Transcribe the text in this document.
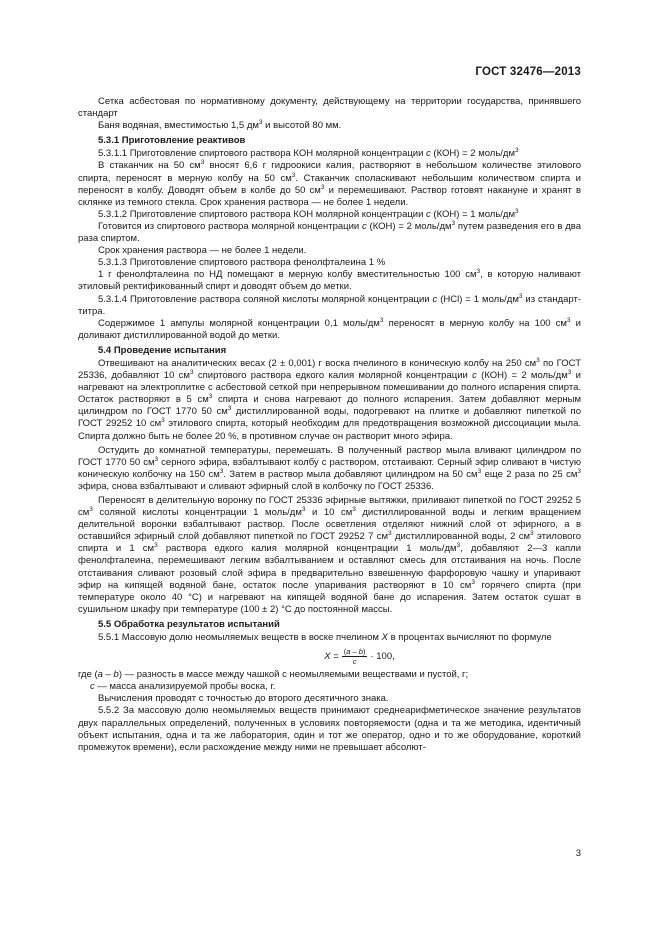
ГОСТ 32476—2013

Сетка асбестовая по нормативному документу, действующему на территории государства, принявшего стандарт

Баня водяная, вместимостью 1,5 $дм^3$ и высотой 80 мм.

5.3.1 Приготовление реактивов

5.3.1.1 Приготовление спиртового раствора КОН молярной концентрации с (КОН) = 2 моль/$дм^3$

В стаканчик на 50 $см^3$ вносят 6,6 г гидроокиси калия, растворяют в небольшом количестве этилового спирта, переносят в мерную колбу на 50 $см^3$. Стаканчик споласкивают небольшим количеством спирта и переносят в колбу. Доводят объем в колбе до 50 $см^3$ и перемешивают. Раствор готовят накануне и хранят в склянке из темного стекла. Срок хранения раствора — не более 1 недели.

5.3.1.2 Приготовление спиртового раствора КОН молярной концентрации с (КОН) = 1 моль/$дм^3$

Готовится из спиртового раствора молярной концентрации с (КОН) = 2 моль/$дм^3$ путем разведения его в два раза спиртом.

Срок хранения раствора — не более 1 недели.

5.3.1.3 Приготовление спиртового раствора фенолфталеина 1 %

1 г фенолфталеина по НД помещают в мерную колбу вместительностью 100 $см^3$, в которую наливают этиловый ректификованный спирт и доводят объем до метки.

5.3.1.4 Приготовление раствора соляной кислоты молярной концентрации с (HCl) = 1 моль/$дм^3$ из стандарт-титра.

Содержимое 1 ампулы молярной концентрации 0,1 моль/$дм^3$ переносят в мерную колбу на 100 $см^3$ и доливают дистиллированной водой до метки.

5.4 Проведение испытания

Отвешивают на аналитических весах (2 ± 0,001) г воска пчелиного в коническую колбу на 250 $см^3$ по ГОСТ 25336, добавляют 10 $см^3$ спиртового раствора едкого калия молярной концентрации с (КОН) = 2 моль/$дм^3$ и нагревают на электроплитке с асбестовой сеткой при непрерывном помешивании до полного испарения спирта. Остаток растворяют в 5 $см^3$ спирта и снова нагревают до полного испарения. Затем добавляют мерным цилиндром по ГОСТ 1770 50 $см^3$ дистиллированной воды, подогревают на плитке и добавляют пипеткой по ГОСТ 29252 10 $см^3$ этилового спирта, который необходим для предотвращения возможной диссоциации мыла. Спирта должно быть не более 20 %, в противном случае он растворит много эфира.

Остудить до комнатной температуры, перемешать. В полученный раствор мыла вливают цилиндром по ГОСТ 1770 50 $см^3$ серного эфира, взбалтывают колбу с раствором, отстаивают. Серный эфир сливают в чистую коническую колбочку на 150 $см^3$. Затем в раствор мыла добавляют цилиндром на 50 $см^3$ еще 2 раза по 25 $см^3$ эфира, снова взбалтывают и сливают эфирный слой в колбочку по ГОСТ 25336.

Переносят в делительную воронку по ГОСТ 25336 эфирные вытяжки, приливают пипеткой по ГОСТ 29252 5 $см^3$ соляной кислоты концентрации 1 моль/$дм^3$ и 10 $см^3$ дистиллированной воды и легким вращением делительной воронки взбалтывают раствор. После осветления отделяют нижний слой от эфирного, а в оставшийся эфирный слой добавляют пипеткой по ГОСТ 29252 7 $см^3$ дистиллированной воды, 2 $см^3$ этилового спирта и 1 $см^3$ раствора едкого калия молярной концентрации 1 моль/$дм^3$, добавляют 2—3 капли фенолфталеина, перемешивают легким взбалтыванием и оставляют смесь для отстаивания на ночь. После отстаивания сливают розовый слой эфира в предварительно взвешенную фарфоровую чашку и упаривают эфир на кипящей водяной бане, остаток после упаривания растворяют в 10 $см^3$ горячего спирта (при температуре около 40 °С) и нагревают на кипящей водяной бане до испарения. Затем остаток сушат в сушильном шкафу при температуре (100 ± 2) °С до постоянной массы.

5.5 Обработка результатов испытаний

5.5.1 Массовую долю неомыляемых веществ в воске пчелином X в процентах вычисляют по формуле

$X = \frac{(a - b)}{c} \cdot 100$,

где (а – b) — разность в массе между чашкой с неомыляемыми веществами и пустой, г;

с — масса анализируемой пробы воска, г.

Вычисления проводят с точностью до второго десятичного знака.

5.5.2 За массовую долю неомыляемых веществ принимают среднеарифметическое значение результатов двух параллельных определений, полученных в условиях повторяемости (одна и та же методика, идентичный объект испытания, одна и та же лаборатория, один и тот же оператор, одно и то же оборудование, короткий промежуток времени), если расхождение между ними не превышает абсолют-

3
